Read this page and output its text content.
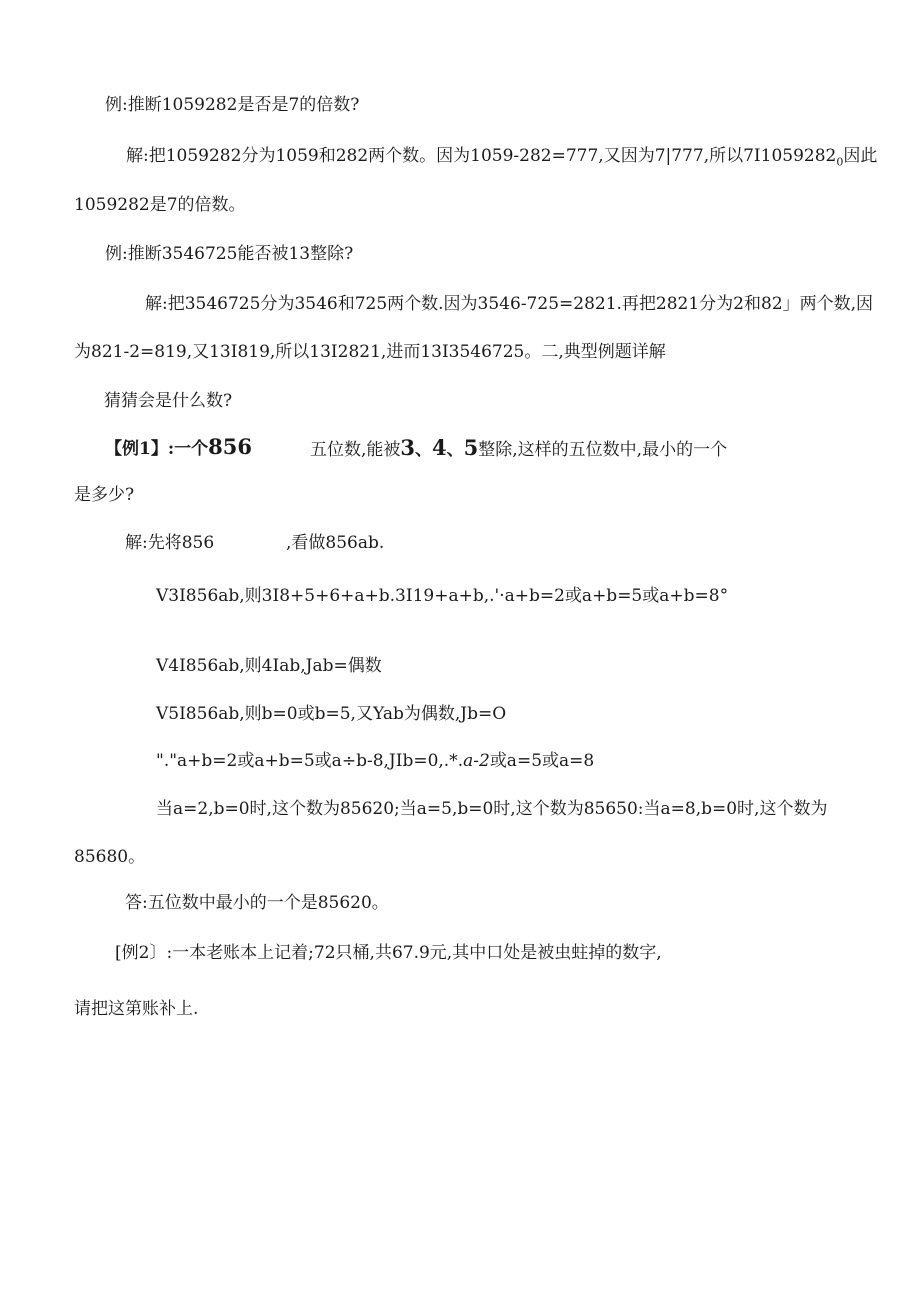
例:推断1059282是否是7的倍数?
解:把1059282分为1059和282两个数。因为1059-282=777,又因为7|777,所以$7I1059282_0$因此
1059282是7的倍数。
例:推断3546725能否被13整除?
解:把3546725分为3546和725两个数.因为3546-725=2821.再把2821分为2和82」两个数,因
为821-2=819,又13I819,所以13I2821,进而13I3546725。二,典型例题详解
猜猜会是什么数?
【例1】:一个856	五位数,能被3、4、5整除,这样的五位数中,最小的一个
是多少?
解:先将856	,看做856ab.
V3I856ab,则3I8+5+6+a+b.3I19+a+b,.'·a+b=2或a+b=5或a+b=8°
V4I856ab,则4Iab,Jab=偶数
V5I856ab,则b=0或b=5,又Yab为偶数,Jb=O
"."a+b=2或a+b=5或a÷b-8,JIb=0,.*.a-2或a=5或a=8
当a=2,b=0时,这个数为85620;当a=5,b=0时,这个数为85650:当a=8,b=0时,这个数为
85680。
答:五位数中最小的一个是85620。
[例2〕:一本老账本上记着;72只桶,共67.9元,其中口处是被虫蛀掉的数字,
请把这第账补上.
